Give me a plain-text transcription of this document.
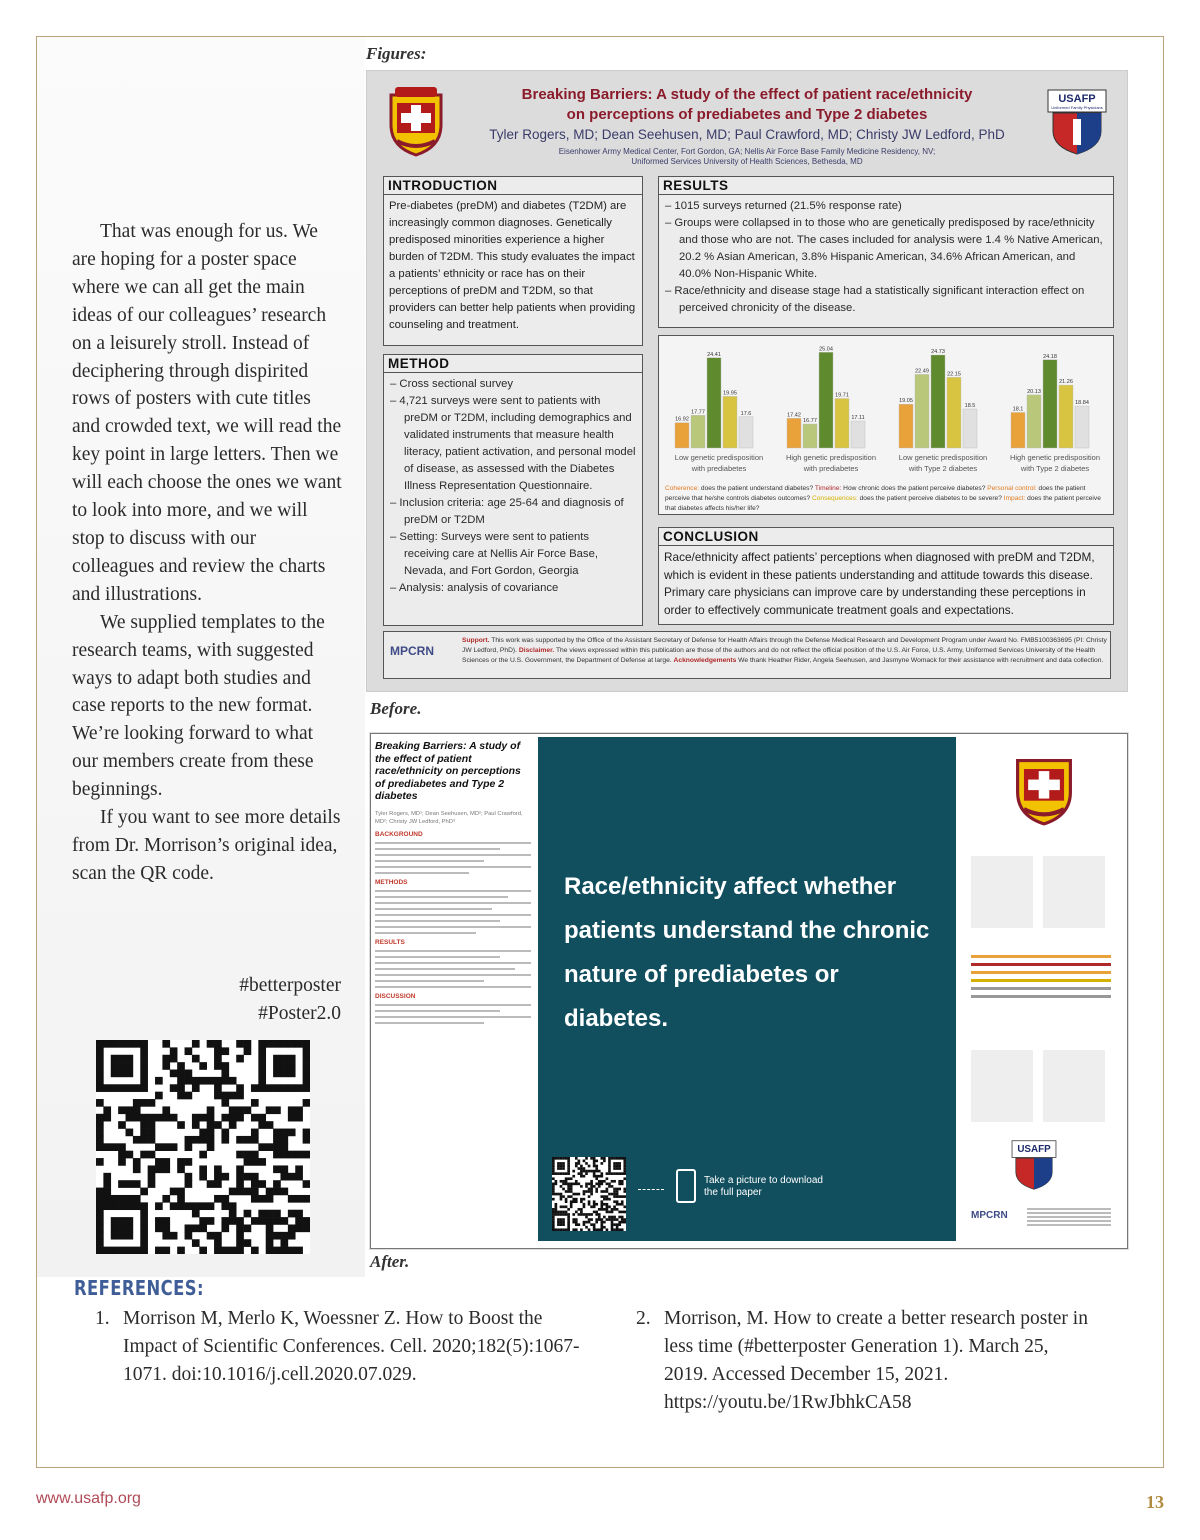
That was enough for us. We are hoping for a poster space where we can all get the main ideas of our colleagues’ research on a leisurely stroll. Instead of deciphering through dispirited rows of posters with cute titles and crowded text, we will read the key point in large letters. Then we will each choose the ones we want to look into more, and we will stop to discuss with our colleagues and review the charts and illustrations.

We supplied templates to the research teams, with suggested ways to adapt both studies and case reports to the new format. We’re looking forward to what our members create from these beginnings.

If you want to see more details from Dr. Morrison’s original idea, scan the QR code.

#betterposter
#Poster2.0
Figures:
Before.
After.
Breaking Barriers: A study of the effect of patient race/ethnicity
on perceptions of prediabetes and Type 2 diabetes
Tyler Rogers, MD; Dean Seehusen, MD; Paul Crawford, MD; Christy JW Ledford, PhD
Eisenhower Army Medical Center, Fort Gordon, GA; Nellis Air Force Base Family Medicine Residency, NV;
Uniformed Services University of Health Sciences, Bethesda, MD
USAFP
Uniformed Family Physicians
INTRODUCTION
Pre-diabetes (preDM) and diabetes (T2DM) are increasingly common diagnoses. Genetically predisposed minorities experience a higher burden of T2DM. This study evaluates the impact a patients’ ethnicity or race has on their perceptions of preDM and T2DM, so that providers can better help patients when providing counseling and treatment.
METHOD
– Cross sectional survey
– 4,721 surveys were sent to patients with preDM or T2DM, including demographics and validated instruments that measure health literacy, patient activation, and personal model of disease, as assessed with the Diabetes Illness Representation Questionnaire.
– Inclusion criteria: age 25-64 and diagnosis of preDM or T2DM
– Setting: Surveys were sent to patients receiving care at Nellis Air Force Base, Nevada, and Fort Gordon, Georgia
– Analysis: analysis of covariance
RESULTS
– 1015 surveys returned (21.5% response rate)
– Groups were collapsed in to those who are genetically predisposed by race/ethnicity and those who are not. The cases included for analysis were 1.4 % Native American, 20.2 % Asian American, 3.8% Hispanic American, 34.6% African American, and 40.0% Non-Hispanic White.
– Race/ethnicity and disease stage had a statistically significant interaction effect on perceived chronicity of the disease.
16.92
17.77
24.41
19.95
17.6
Low genetic predisposition
with prediabetes
17.42
16.77
25.04
19.71
17.11
High genetic predisposition
with prediabetes
19.05
22.49
24.73
22.15
18.5
Low genetic predisposition
with Type 2 diabetes
18.1
20.13
24.18
21.26
18.84
High genetic predisposition
with Type 2 diabetes
Coherence: does the patient understand diabetes? Timeline: How chronic does the patient perceive diabetes? Personal control: does the patient perceive that he/she controls diabetes outcomes? Consequences: does the patient perceive diabetes to be severe? Impact: does the patient perceive that diabetes affects his/her life?
CONCLUSION
Race/ethnicity affect patients’ perceptions when diagnosed with preDM and T2DM, which is evident in these patients understanding and attitude towards this disease. Primary care physicians can improve care by understanding these perceptions in order to effectively communicate treatment goals and expectations.
MPCRN
Support. This work was supported by the Office of the Assistant Secretary of Defense for Health Affairs through the Defense Medical Research and Development Program under Award No. FMB5100363695 (PI: Christy JW Ledford, PhD). Disclaimer. The views expressed within this publication are those of the authors and do not reflect the official position of the U.S. Air Force, U.S. Army, Uniformed Services University of the Health Sciences or the U.S. Government, the Department of Defense at large. Acknowledgements We thank Heather Rider, Angela Seehusen, and Jasmyne Womack for their assistance with recruitment and data collection.
Breaking Barriers: A study of the effect of patient race/ethnicity on perceptions of prediabetes and Type 2 diabetes
Tyler Rogers, MD¹; Dean Seehusen, MD²; Paul Crawford, MD²; Christy JW Ledford, PhD³
BACKGROUND
METHODS
RESULTS
DISCUSSION
Race/ethnicity affect whether patients understand the chronic nature of prediabetes or diabetes.
Take a picture to download the full paper
USAFP
MPCRN
REFERENCES:
1. Morrison M, Merlo K, Woessner Z. How to Boost the Impact of Scientific Conferences. Cell. 2020;182(5):1067-1071. doi:10.1016/j.cell.2020.07.029.
2. Morrison, M. How to create a better research poster in less time (#betterposter Generation 1). March 25, 2019. Accessed December 15, 2021. https://youtu.be/1RwJbhkCA58
www.usafp.org	13
